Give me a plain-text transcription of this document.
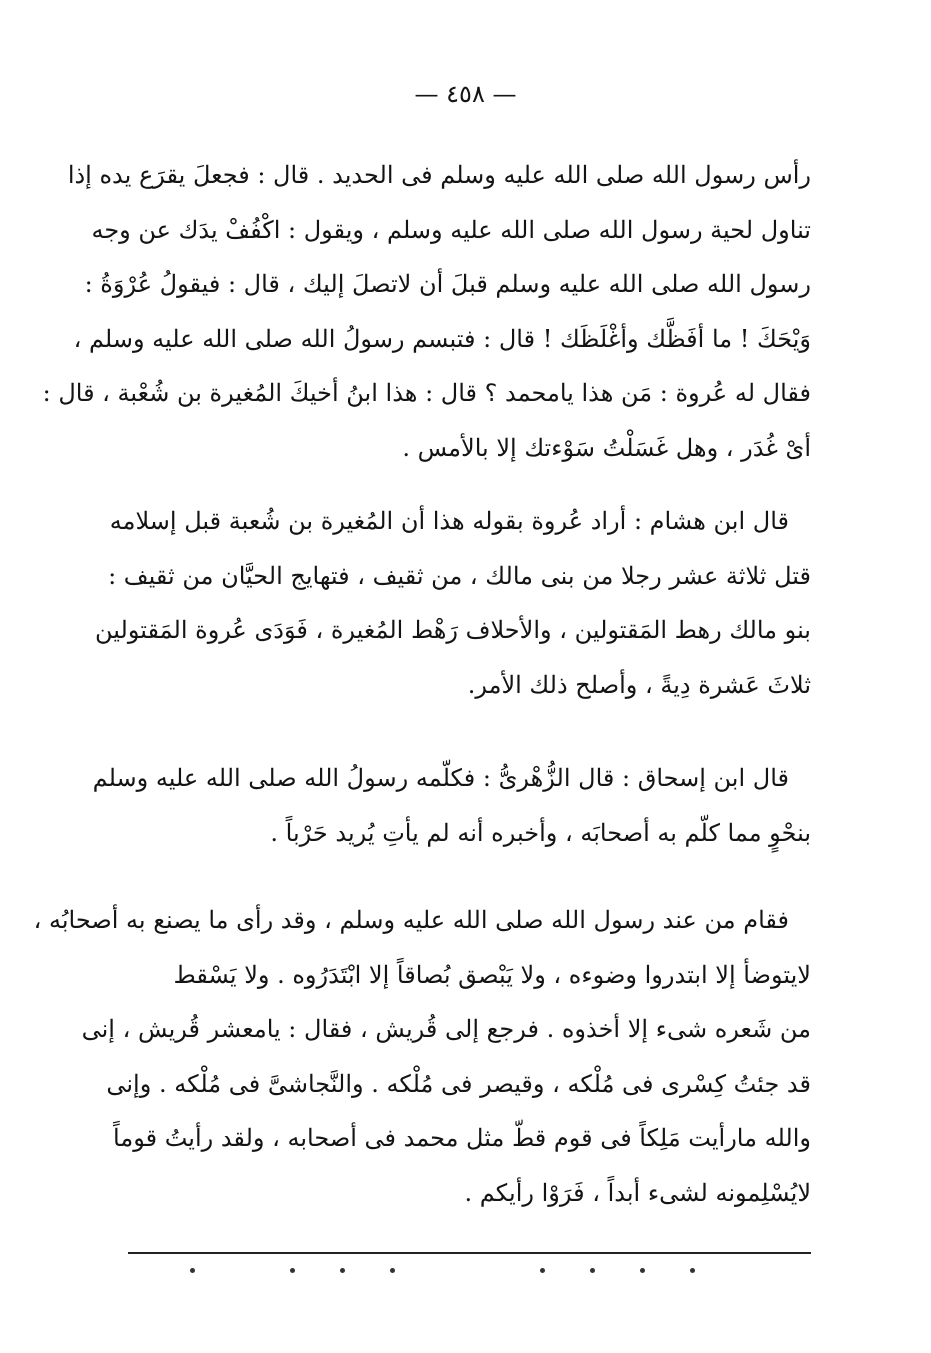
— ٤٥٨ —
رأس رسول الله صلى الله عليه وسلم فى الحديد . قال : فجعلَ يقرَع يده إذا
تناول لحية رسول الله صلى الله عليه وسلم ، ويقول : اكْفُفْ يدَك عن وجه
رسول الله صلى الله عليه وسلم قبلَ أن لاتصلَ إليك ، قال : فيقولُ عُرْوَةُ :
وَيْحَكَ ! ما أفَظَّك وأغْلَظَك ! قال : فتبسم رسولُ الله صلى الله عليه وسلم ،
فقال له عُروة : مَن هذا يامحمد ؟ قال : هذا ابنُ أخيكَ المُغيرة بن شُعْبة ، قال :
أىْ غُدَر ، وهل غَسَلْتُ سَوْءتك إلا بالأمس .
قال ابن هشام : أراد عُروة بقوله هذا أن المُغيرة بن شُعبة قبل إسلامه
قتل ثلاثة عشر رجلا من بنى مالك ، من ثقيف ، فتهايج الحيَّان من ثقيف :
بنو مالك رهط المَقتولين ، والأحلاف رَهْط المُغيرة ، فَوَدَى عُروة المَقتولين
ثلاثَ عَشرة دِيةً ، وأصلح ذلك الأمر.
قال ابن إسحاق : قال الزُّهْرىُّ : فكلّمه رسولُ الله صلى الله عليه وسلم
بنحْوٍ مما كلّم به أصحابَه ، وأخبره أنه لم يأتِ يُريد حَرْباً .
فقام من عند رسول الله صلى الله عليه وسلم ، وقد رأى ما يصنع به أصحابُه ،
لايتوضأ إلا ابتدروا وضوءه ، ولا يَبْصق بُصاقاً إلا ابْتَدَرُوه . ولا يَسْقط
من شَعره شىء إلا أخذوه . فرجع إلى قُريش ، فقال : يامعشر قُريش ، إنى
قد جئتُ كِسْرى فى مُلْكه ، وقيصر فى مُلْكه . والنَّجاشىَّ فى مُلْكه . وإنى
والله مارأيت مَلِكاً فى قوم قطّ مثل محمد فى أصحابه ، ولقد رأيتُ قوماً
لايُسْلِمونه لشىء أبداً ، فَرَوْا رأيكم .
